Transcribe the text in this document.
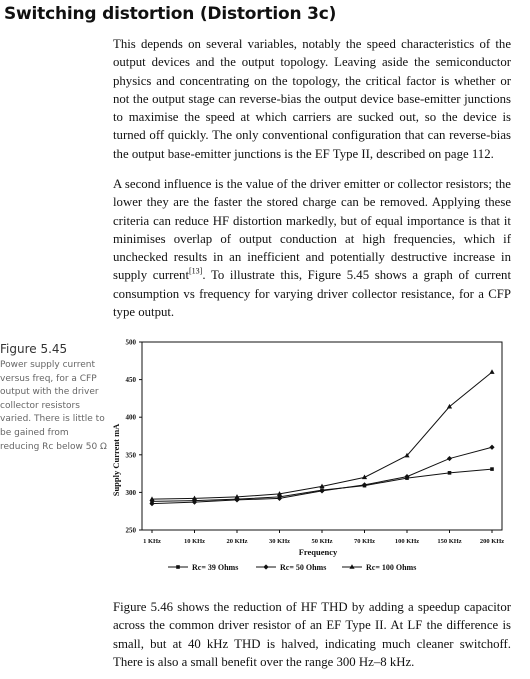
Switching distortion (Distortion 3c)

This depends on several variables, notably the speed characteristics of the output devices and the output topology. Leaving aside the semiconductor physics and concentrating on the topology, the critical factor is whether or not the output stage can reverse-bias the output device base-emitter junctions to maximise the speed at which carriers are sucked out, so the device is turned off quickly. The only conventional configuration that can reverse-bias the output base-emitter junctions is the EF Type II, described on page 112.

A second influence is the value of the driver emitter or collector resistors; the lower they are the faster the stored charge can be removed. Applying these criteria can reduce HF distortion markedly, but of equal importance is that it minimises overlap of output conduction at high frequencies, which if unchecked results in an inefficient and potentially destructive increase in supply current[13]. To illustrate this, Figure 5.45 shows a graph of current consumption vs frequency for varying driver collector resistance, for a CFP type output.

Figure 5.45
Power supply current versus freq, for a CFP output with the driver collector resistors varied. There is little to be gained from reducing Rc below 50 Ω
500
450
400
350
300
250
1 KHz	10 KHz	20 KHz	30 KHz	50 KHz	70 KHz	100 KHz	150 KHz	200 KHz
Supply Current mA
Frequency
Rc= 39 Ohms	Rc= 50 Ohms	Rc= 100 Ohms

Figure 5.46 shows the reduction of HF THD by adding a speedup capacitor across the common driver resistor of an EF Type II. At LF the difference is small, but at 40 kHz THD is halved, indicating much cleaner switchoff. There is also a small benefit over the range 300 Hz–8 kHz.
